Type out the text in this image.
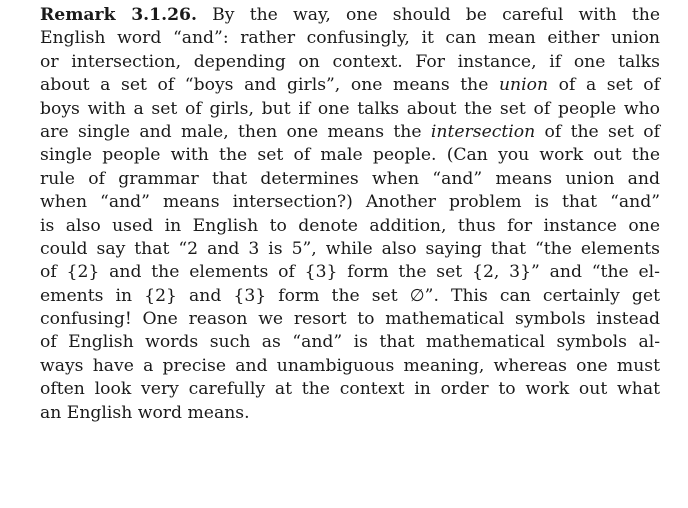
Remark 3.1.26. By the way, one should be careful with the
English word “and”: rather confusingly, it can mean either union
or intersection, depending on context. For instance, if one talks
about a set of “boys and girls”, one means the union of a set of
boys with a set of girls, but if one talks about the set of people who
are single and male, then one means the intersection of the set of
single people with the set of male people. (Can you work out the
rule of grammar that determines when “and” means union and
when “and” means intersection?) Another problem is that “and”
is also used in English to denote addition, thus for instance one
could say that “2 and 3 is 5”, while also saying that “the elements
of {2} and the elements of {3} form the set {2, 3}” and “the el-
ements in {2} and {3} form the set ∅”. This can certainly get
confusing! One reason we resort to mathematical symbols instead
of English words such as “and” is that mathematical symbols al-
ways have a precise and unambiguous meaning, whereas one must
often look very carefully at the context in order to work out what
an English word means.
